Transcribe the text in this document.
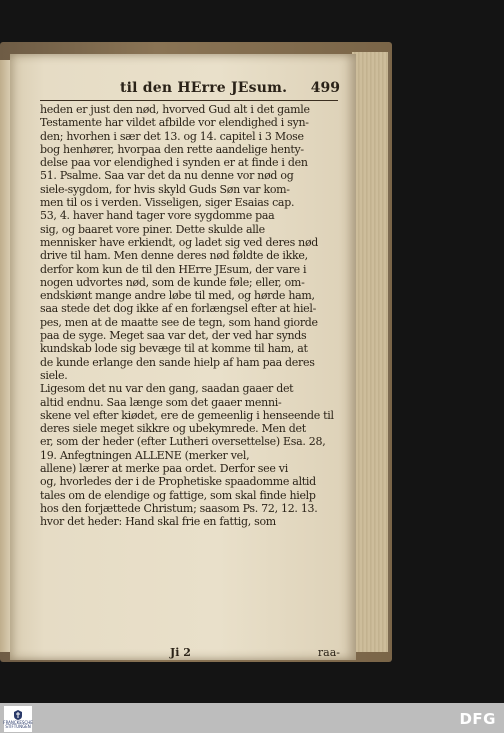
til den HErre JEsum. 499
heden er just den nød, hvorved Gud alt i det gamle
Testamente har vildet afbilde vor elendighed i syn-
den; hvorhen i sær det 13. og 14. capitel i 3 Mose
bog henhører, hvorpaa den rette aandelige henty-
delse paa vor elendighed i synden er at finde i den
51. Psalme. Saa var det da nu denne vor nød og
siele-sygdom, for hvis skyld Guds Søn var kom-
men til os i verden. Visseligen, siger Esaias cap.
53, 4. haver hand tager vore sygdomme paa
sig, og baaret vore piner. Dette skulde alle
mennisker have erkiendt, og ladet sig ved deres nød
drive til ham. Men denne deres nød føldte de ikke,
derfor kom kun de til den HErre JEsum, der vare i
nogen udvortes nød, som de kunde føle; eller, om-
endskiønt mange andre løbe til med, og hørde ham,
saa stede det dog ikke af en forlængsel efter at hiel-
pes, men at de maatte see de tegn, som hand giorde
paa de syge. Meget saa var det, der ved har synds
kundskab lode sig bevæge til at komme til ham, at
de kunde erlange den sande hielp af ham paa deres
siele.
Ligesom det nu var den gang, saadan gaaer det
altid endnu. Saa længe som det gaaer menni-
skene vel efter kiødet, ere de gemeenlig i henseende til
deres siele meget sikkre og ubekymrede. Men det
er, som der heder (efter Lutheri oversettelse) Esa. 28,
19. Anfegtningen ALLENE (merker vel,
allene) lærer at merke paa ordet. Derfor see vi
og, hvorledes der i de Prophetiske spaadomme altid
tales om de elendige og fattige, som skal finde hielp
hos den forjættede Christum; saasom Ps. 72, 12. 13.
hvor det heder: Hand skal frie en fattig, som
Ji 2	raa-
FRANCKESCHE STIFTUNGEN	DFG
